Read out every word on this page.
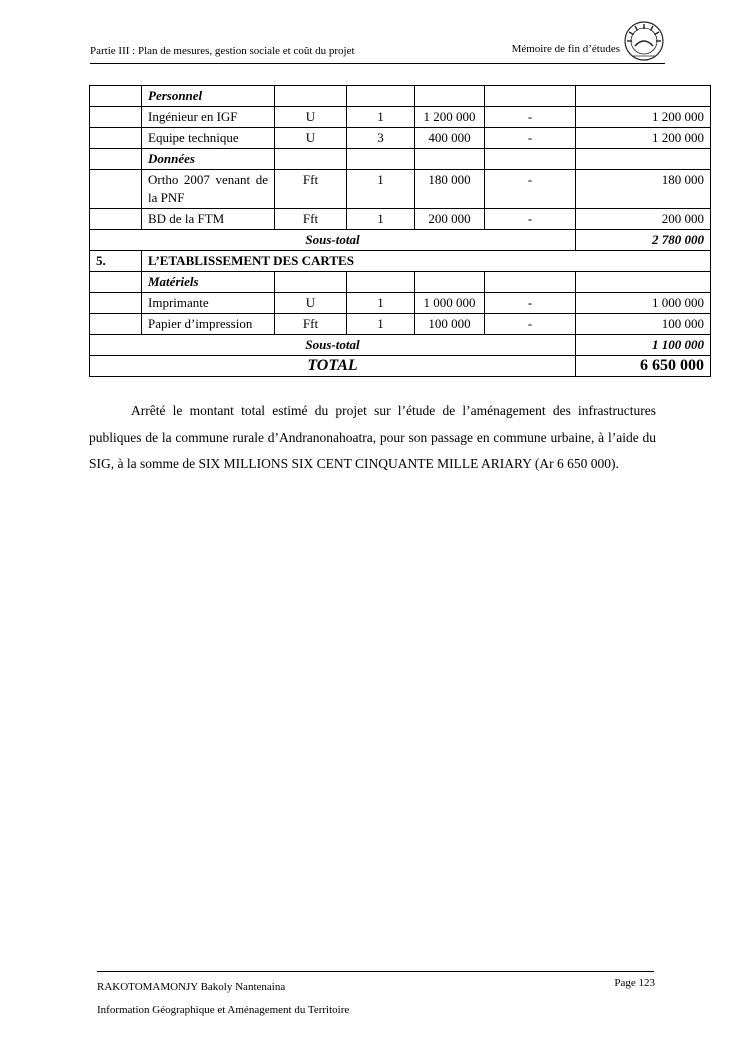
Partie III : Plan de mesures, gestion sociale et coût du projet	Mémoire de fin d’études
	Personnel					
	Ingénieur en IGF	U	1	1 200 000	-	1 200 000
	Equipe technique	U	3	400 000	-	1 200 000
	Données					
	Ortho 2007 venant de la PNF	Fft	1	180 000	-	180 000
	BD de la FTM	Fft	1	200 000	-	200 000
Sous-total						2 780 000
5.	L’ETABLISSEMENT DES CARTES					
	Matériels					
	Imprimante	U	1	1 000 000	-	1 000 000
	Papier d’impression	Fft	1	100 000	-	100 000
Sous-total						1 100 000
TOTAL						6 650 000

Arrêté le montant total estimé du projet sur l’étude de l’aménagement des infrastructures publiques de la commune rurale d’Andranonahoatra, pour son passage en commune urbaine, à l’aide du SIG, à la somme de SIX MILLIONS SIX CENT CINQUANTE MILLE ARIARY (Ar 6 650 000).

RAKOTOMAMONJY Bakoly Nantenaina	Page 123
Information Géographique et Aménagement du Territoire
